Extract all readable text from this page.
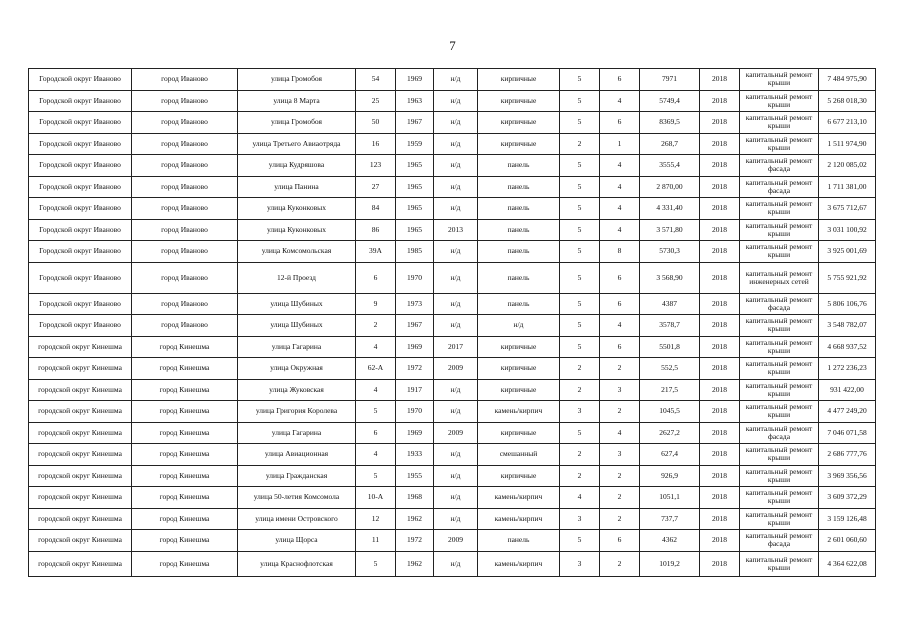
7
Городской округ Иваново	город Иваново	улица Громобоя	54	1969	н/д	кирпичные	5	6	7971	2018	капитальный ремонт крыши	7 484 975,90
Городской округ Иваново	город Иваново	улица 8 Марта	25	1963	н/д	кирпичные	5	4	5749,4	2018	капитальный ремонт крыши	5 268 018,30
Городской округ Иваново	город Иваново	улица Громобоя	50	1967	н/д	кирпичные	5	6	8369,5	2018	капитальный ремонт крыши	6 677 213,10
Городской округ Иваново	город Иваново	улица Третьего Авиаотряда	16	1959	н/д	кирпичные	2	1	268,7	2018	капитальный ремонт крыши	1 511 974,90
Городской округ Иваново	город Иваново	улица Кудряшова	123	1965	н/д	панель	5	4	3555,4	2018	капитальный ремонт фасада	2 120 085,02
Городской округ Иваново	город Иваново	улица Панина	27	1965	н/д	панель	5	4	2 870,00	2018	капитальный ремонт фасада	1 711 381,00
Городской округ Иваново	город Иваново	улица Куконковых	84	1965	н/д	панель	5	4	4 331,40	2018	капитальный ремонт крыши	3 675 712,67
Городской округ Иваново	город Иваново	улица Куконковых	86	1965	2013	панель	5	4	3 571,80	2018	капитальный ремонт крыши	3 031 100,92
Городской округ Иваново	город Иваново	улица Комсомольская	39А	1985	н/д	панель	5	8	5730,3	2018	капитальный ремонт крыши	3 925 001,69
Городской округ Иваново	город Иваново	12-й Проезд	6	1970	н/д	панель	5	6	3 568,90	2018	капитальный ремонт инженерных сетей	5 755 921,92
Городской округ Иваново	город Иваново	улица Шубиных	9	1973	н/д	панель	5	6	4387	2018	капитальный ремонт фасада	5 806 106,76
Городской округ Иваново	город Иваново	улица Шубиных	2	1967	н/д	н/д	5	4	3578,7	2018	капитальный ремонт крыши	3 548 782,07
городской округ Кинешма	город Кинешма	улица Гагарина	4	1969	2017	кирпичные	5	6	5501,8	2018	капитальный ремонт крыши	4 668 937,52
городской округ Кинешма	город Кинешма	улица Окружная	62-А	1972	2009	кирпичные	2	2	552,5	2018	капитальный ремонт крыши	1 272 236,23
городской округ Кинешма	город Кинешма	улица Жуковская	4	1917	н/д	кирпичные	2	3	217,5	2018	капитальный ремонт крыши	931 422,00
городской округ Кинешма	город Кинешма	улица Григория Королева	5	1970	н/д	камень/кирпич	3	2	1045,5	2018	капитальный ремонт крыши	4 477 249,20
городской округ Кинешма	город Кинешма	улица Гагарина	6	1969	2009	кирпичные	5	4	2627,2	2018	капитальный ремонт фасада	7 046 071,58
городской округ Кинешма	город Кинешма	улица Авиационная	4	1933	н/д	смешанный	2	3	627,4	2018	капитальный ремонт крыши	2 686 777,76
городской округ Кинешма	город Кинешма	улица Гражданская	5	1955	н/д	кирпичные	2	2	926,9	2018	капитальный ремонт крыши	3 969 356,56
городской округ Кинешма	город Кинешма	улица 50-летия Комсомола	10-А	1968	н/д	камень/кирпич	4	2	1051,1	2018	капитальный ремонт крыши	3 609 372,29
городской округ Кинешма	город Кинешма	улица имени Островского	12	1962	н/д	камень/кирпич	3	2	737,7	2018	капитальный ремонт крыши	3 159 126,48
городской округ Кинешма	город Кинешма	улица Щорса	11	1972	2009	панель	5	6	4362	2018	капитальный ремонт фасада	2 601 060,60
городской округ Кинешма	город Кинешма	улица Краснофлотская	5	1962	н/д	камень/кирпич	3	2	1019,2	2018	капитальный ремонт крыши	4 364 622,08
